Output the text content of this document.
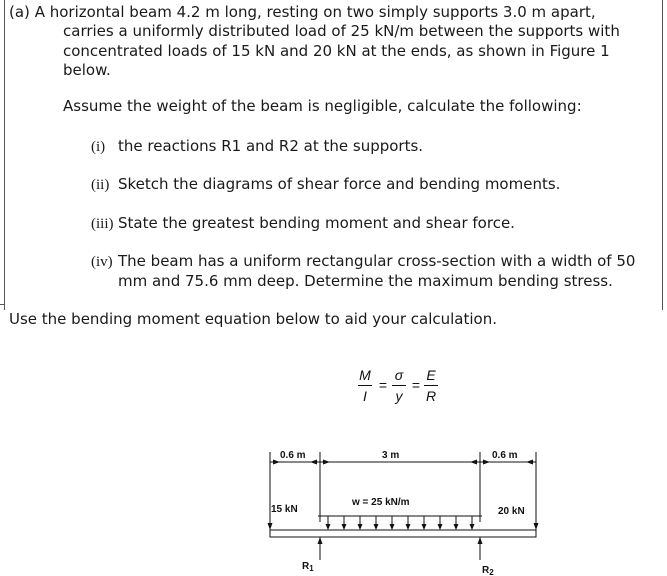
(a) A horizontal beam 4.2 m long, resting on two simply supports 3.0 m apart,
carries a uniformly distributed load of 25 kN/m between the supports with
concentrated loads of 15 kN and 20 kN at the ends, as shown in Figure 1
below.
Assume the weight of the beam is negligible, calculate the following:
(i) the reactions R1 and R2 at the supports.
(ii) Sketch the diagrams of shear force and bending moments.
(iii) State the greatest bending moment and shear force.
(iv) The beam has a uniform rectangular cross-section with a width of 50
mm and 75.6 mm deep. Determine the maximum bending stress.
Use the bending moment equation below to aid your calculation.
M
I
=
σ
y
=
E
R
0.6 m	3 m	0.6 m
15 kN
w = 25 kN/m
20 kN
$R_1$	$R_2$
